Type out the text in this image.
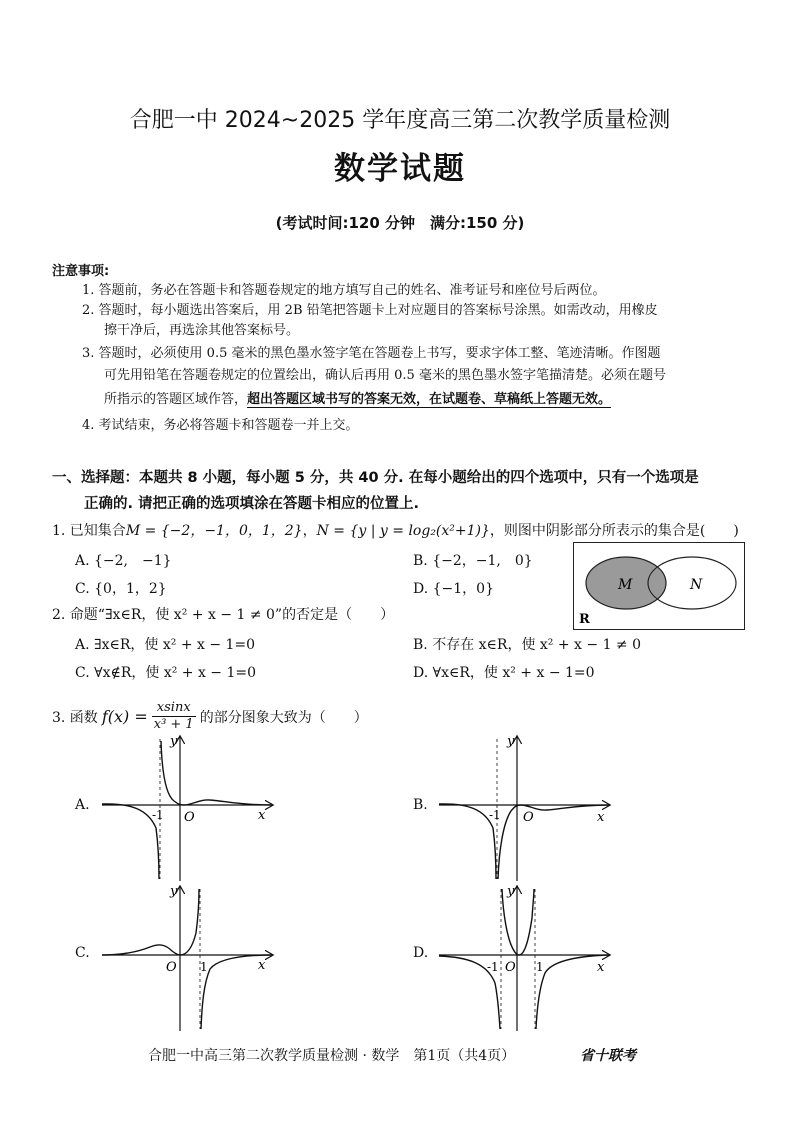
合肥一中 2024~2025 学年度高三第二次教学质量检测
数学试题
(考试时间:120 分钟　满分:150 分)
注意事项:
1. 答题前，务必在答题卡和答题卷规定的地方填写自己的姓名、准考证号和座位号后两位。
2. 答题时，每小题选出答案后，用 2B 铅笔把答题卡上对应题目的答案标号涂黑。如需改动，用橡皮
擦干净后，再选涂其他答案标号。
3. 答题时，必须使用 0.5 毫米的黑色墨水签字笔在答题卷上书写，要求字体工整、笔迹清晰。作图题
可先用铅笔在答题卷规定的位置绘出，确认后再用 0.5 毫米的黑色墨水签字笔描清楚。必须在题号
所指示的答题区域作答，超出答题区域书写的答案无效，在试题卷、草稿纸上答题无效。
4. 考试结束，务必将答题卡和答题卷一并上交。
一、选择题：本题共 8 小题，每小题 5 分，共 40 分. 在每小题给出的四个选项中，只有一个选项是
正确的. 请把正确的选项填涂在答题卡相应的位置上.
1. 已知集合M = {−2，−1，0，1，2}，N = {y | y = log₂(x²+1)}，则图中阴影部分所表示的集合是(　　)
A. {−2,　−1}	B. {−2，−1,　0}
C. {0，1，2}	D. {−1，0}	M	N
R
2. 命题“∃x∈R，使 x² + x − 1 ≠ 0”的否定是（　　）
A. ∃x∈R，使 x² + x − 1=0	B. 不存在 x∈R，使 x² + x − 1 ≠ 0
C. ∀x∉R，使 x² + x − 1=0	D. ∀x∈R，使 x² + x − 1=0
3. 函数 $f(x) = \frac{xsinx}{\text{x³ + 1}}$ 的部分图象大致为（　　）
A.	B.
C.	D.
-1 O	x
y
-1 O	x
y
O 1	x
y
-1 O 1	x
y
合肥一中高三第二次教学质量检测 · 数学　第1页（共4页）	省十联考
